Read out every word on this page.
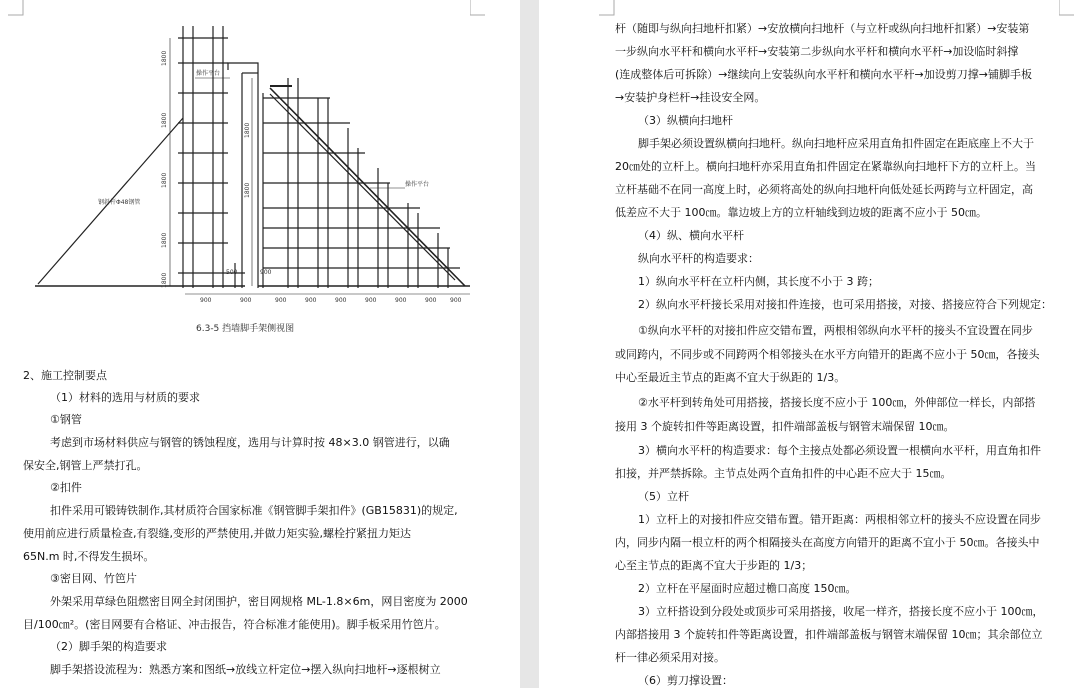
1800
1800
1800
1800
1800
1800
1800
500	900
900	900	900	900	900	900	900	900 900
操作平台
操作平台
钢斜杆Φ48钢管
6.3-5 挡墙脚手架侧视图
2、施工控制要点
（1）材料的选用与材质的要求
①钢管
考虑到市场材料供应与钢管的锈蚀程度，选用与计算时按 48×3.0 钢管进行，以确
保安全,钢管上严禁打孔。
②扣件
扣件采用可锻铸铁制作,其材质符合国家标准《钢管脚手架扣件》(GB15831)的规定,
使用前应进行质量检查,有裂缝,变形的严禁使用,并做力矩实验,螺栓拧紧扭力矩达
65N.m 时,不得发生损坏。
③密目网、竹笆片
外架采用草绿色阻燃密目网全封闭围护，密目网规格 ML-1.8×6m，网目密度为 2000
目/100㎝²。(密目网要有合格证、冲击报告，符合标准才能使用)。脚手板采用竹笆片。
（2）脚手架的构造要求
脚手架搭设流程为：熟悉方案和图纸→放线立杆定位→摆入纵向扫地杆→逐根树立
杆（随即与纵向扫地杆扣紧）→安放横向扫地杆（与立杆或纵向扫地杆扣紧）→安装第
一步纵向水平杆和横向水平杆→安装第二步纵向水平杆和横向水平杆→加设临时斜撑
(连成整体后可拆除）→继续向上安装纵向水平杆和横向水平杆→加设剪刀撑→铺脚手板
→安装护身栏杆→挂设安全网。
（3）纵横向扫地杆
脚手架必须设置纵横向扫地杆。纵向扫地杆应采用直角扣件固定在距底座上不大于
20㎝处的立杆上。横向扫地杆亦采用直角扣件固定在紧靠纵向扫地杆下方的立杆上。当
立杆基础不在同一高度上时，必须将高处的纵向扫地杆向低处延长两跨与立杆固定，高
低差应不大于 100㎝。靠边坡上方的立杆轴线到边坡的距离不应小于 50㎝。
（4）纵、横向水平杆
纵向水平杆的构造要求：
1）纵向水平杆在立杆内侧，其长度不小于 3 跨；
2）纵向水平杆接长采用对接扣件连接，也可采用搭接，对接、搭接应符合下列规定：
①纵向水平杆的对接扣件应交错布置，两根相邻纵向水平杆的接头不宜设置在同步
或同跨内，不同步或不同跨两个相邻接头在水平方向错开的距离不应小于 50㎝，各接头
中心至最近主节点的距离不宜大于纵距的 1/3。
②水平杆到转角处可用搭接，搭接长度不应小于 100㎝，外伸部位一样长，内部搭
接用 3 个旋转扣件等距离设置，扣件端部盖板与钢管末端保留 10㎝。
3）横向水平杆的构造要求：每个主接点处都必须设置一根横向水平杆，用直角扣件
扣接，并严禁拆除。主节点处两个直角扣件的中心距不应大于 15㎝。
（5）立杆
1）立杆上的对接扣件应交错布置。错开距离：两根相邻立杆的接头不应设置在同步
内，同步内隔一根立杆的两个相隔接头在高度方向错开的距离不宜小于 50㎝。各接头中
心至主节点的距离不宜大于步距的 1/3；
2）立杆在平屋面时应超过檐口高度 150㎝。
3）立杆搭设到分段处或顶步可采用搭接，收尾一样齐，搭接长度不应小于 100㎝，
内部搭接用 3 个旋转扣件等距离设置，扣件端部盖板与钢管末端保留 10㎝；其余部位立
杆一律必须采用对接。
（6）剪刀撑设置：
